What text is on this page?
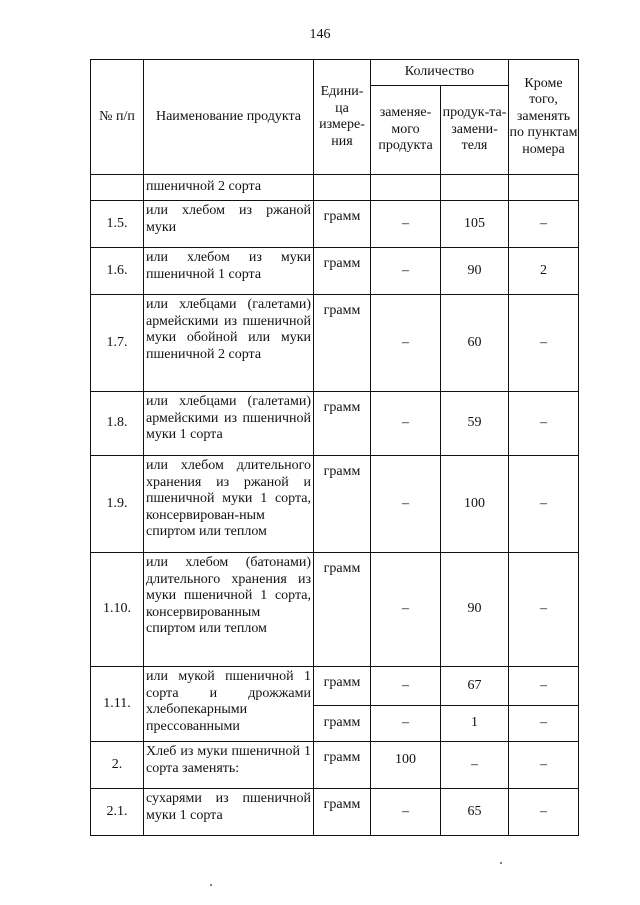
146
№ п/п	Наименование продукта	Едини-ца измере-ния	Количество		Кроме того, заменять по пунктам номера
			заменяе-мого продукта	продук-та-замени-теля	
	пшеничной 2 сорта				
1.5.	или хлебом из ржаной муки	грамм	–	105	–
1.6.	или хлебом из муки пшеничной 1 сорта	грамм	–	90	2
1.7.	или хлебцами (галетами) армейскими из пшеничной муки обойной или муки пшеничной 2 сорта	грамм	–	60	–
1.8.	или хлебцами (галетами) армейскими из пшеничной муки 1 сорта	грамм	–	59	–
1.9.	или хлебом длительного хранения из ржаной и пшеничной муки 1 сорта, консервирован-ным спиртом или теплом	грамм	–	100	–
1.10.	или хлебом (батонами) длительного хранения из муки пшеничной 1 сорта, консервированным спиртом или теплом	грамм	–	90	–
1.11.	или мукой пшеничной 1 сорта и дрожжами хлебопекарными прессованными	грамм	–	67	–
		грамм	–	1	–
2.	Хлеб из муки пшеничной 1 сорта заменять:	грамм	100	–	–
2.1.	сухарями из пшеничной муки 1 сорта	грамм	–	65	–
